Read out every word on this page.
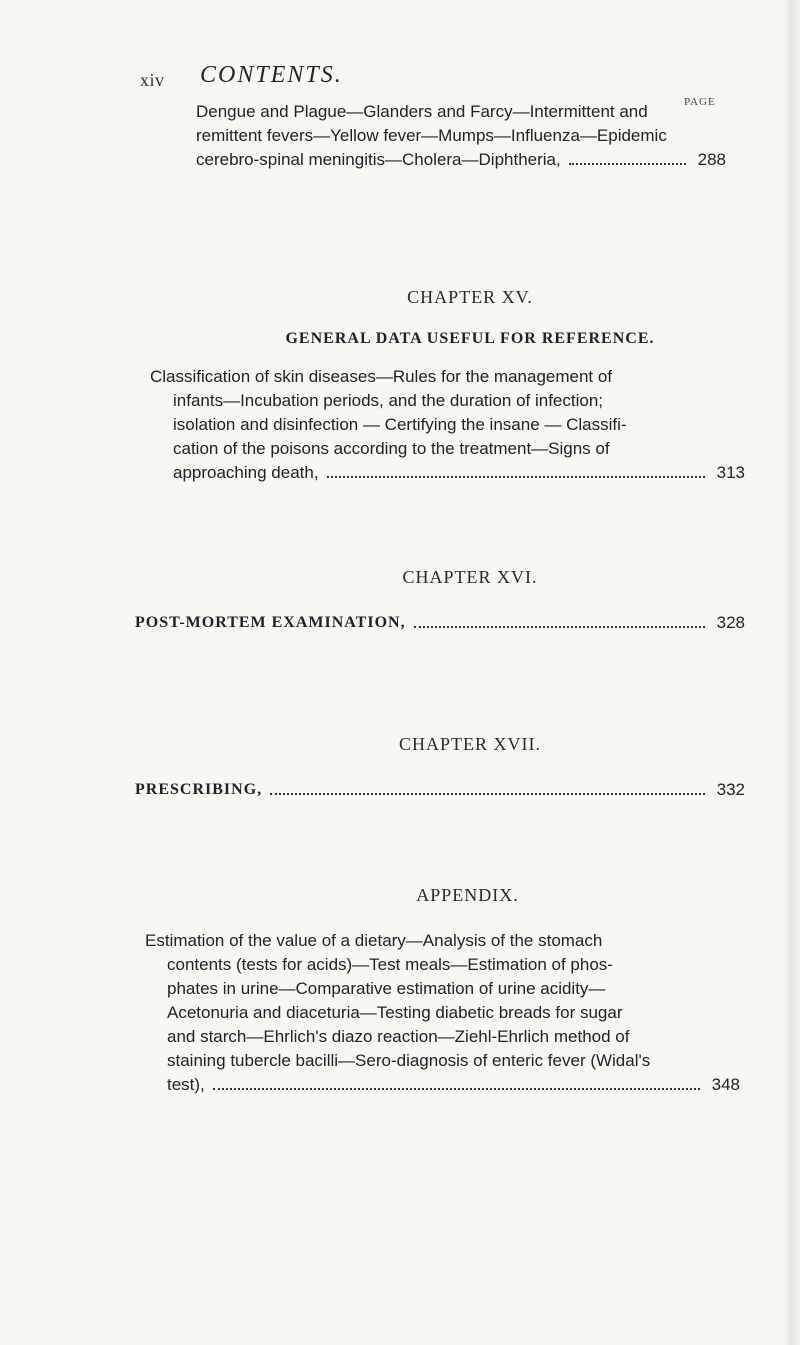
xiv CONTENTS.
PAGE

Dengue and Plague—Glanders and Farcy—Intermittent and

remittent fevers—Yellow fever—Mumps—Influenza—Epidemic

cerebro-spinal meningitis—Cholera—Diphtheria,	288

CHAPTER XV.

GENERAL DATA USEFUL FOR REFERENCE.

Classification of skin diseases—Rules for the management of

infants—Incubation periods, and the duration of infection;

isolation and disinfection — Certifying the insane — Classifi-

cation of the poisons according to the treatment—Signs of

approaching death,	313

CHAPTER XVI.

POST-MORTEM EXAMINATION,	328

CHAPTER XVII.

PRESCRIBING,	332

APPENDIX.

Estimation of the value of a dietary—Analysis of the stomach

contents (tests for acids)—Test meals—Estimation of phos-

phates in urine—Comparative estimation of urine acidity—

Acetonuria and diaceturia—Testing diabetic breads for sugar

and starch—Ehrlich's diazo reaction—Ziehl-Ehrlich method of

staining tubercle bacilli—Sero-diagnosis of enteric fever (Widal's

test),	348
